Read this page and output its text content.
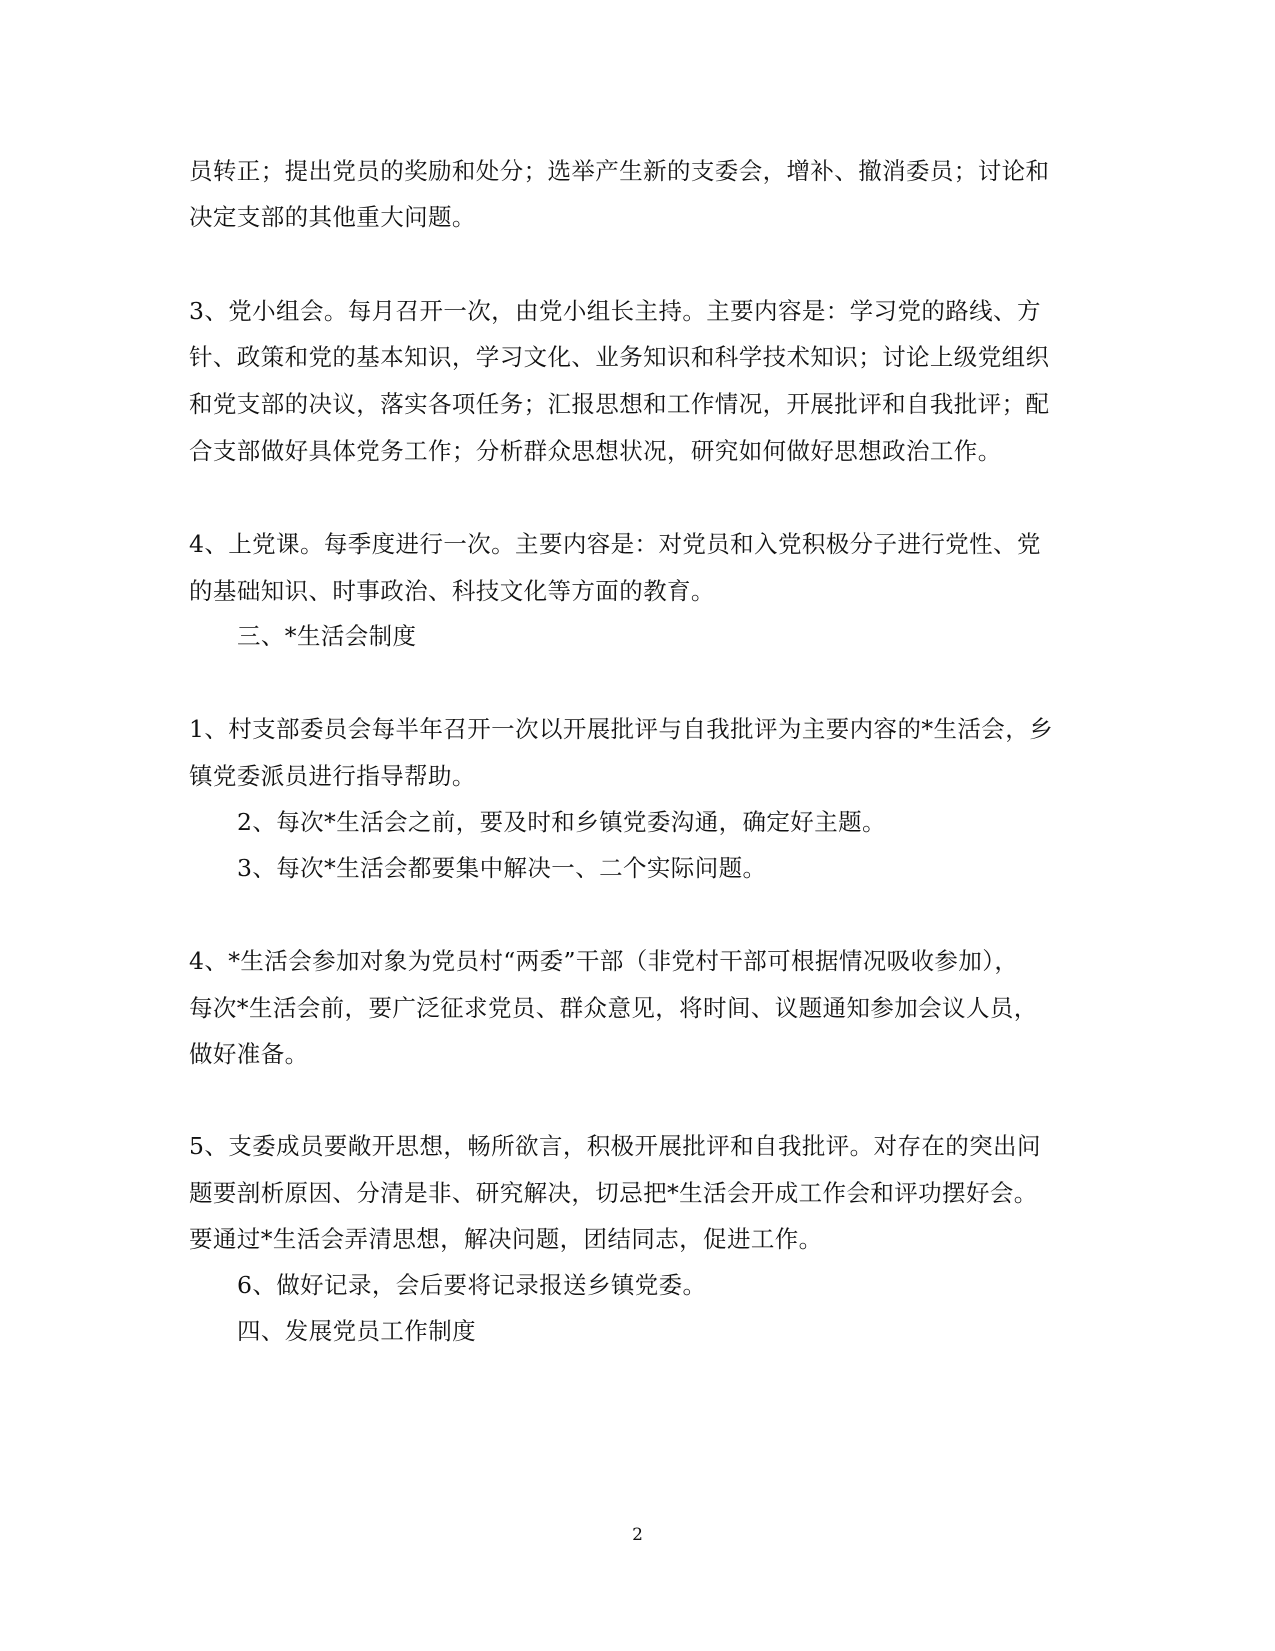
员转正；提出党员的奖励和处分；选举产生新的支委会，增补、撤消委员；讨论和
决定支部的其他重大问题。
3、党小组会。每月召开一次，由党小组长主持。主要内容是：学习党的路线、方
针、政策和党的基本知识，学习文化、业务知识和科学技术知识；讨论上级党组织
和党支部的决议，落实各项任务；汇报思想和工作情况，开展批评和自我批评；配
合支部做好具体党务工作；分析群众思想状况，研究如何做好思想政治工作。
4、上党课。每季度进行一次。主要内容是：对党员和入党积极分子进行党性、党
的基础知识、时事政治、科技文化等方面的教育。
三、*生活会制度
1、村支部委员会每半年召开一次以开展批评与自我批评为主要内容的*生活会，乡
镇党委派员进行指导帮助。
2、每次*生活会之前，要及时和乡镇党委沟通，确定好主题。
3、每次*生活会都要集中解决一、二个实际问题。
4、*生活会参加对象为党员村“两委”干部（非党村干部可根据情况吸收参加），
每次*生活会前，要广泛征求党员、群众意见，将时间、议题通知参加会议人员，
做好准备。
5、支委成员要敞开思想，畅所欲言，积极开展批评和自我批评。对存在的突出问
题要剖析原因、分清是非、研究解决，切忌把*生活会开成工作会和评功摆好会。
要通过*生活会弄清思想，解决问题，团结同志，促进工作。
6、做好记录，会后要将记录报送乡镇党委。
四、发展党员工作制度
2
